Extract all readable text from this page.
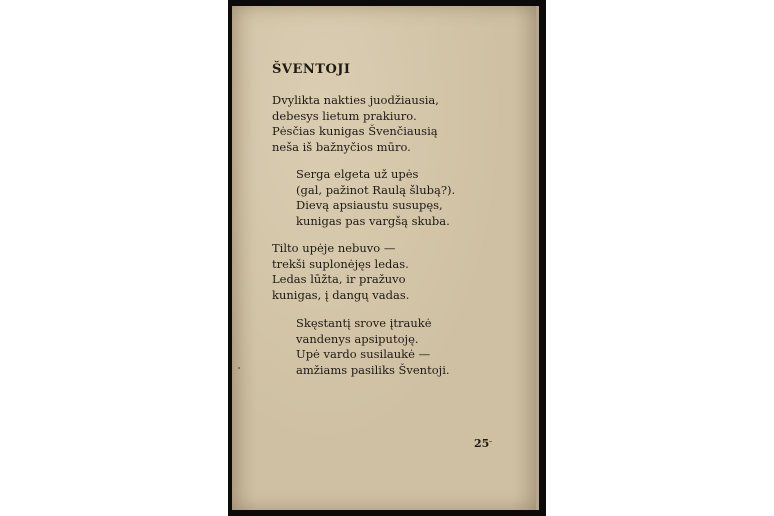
ŠVENTOJI

Dvylikta nakties juodžiausia,
debesys lietum prakiuro.
Pėsčias kunigas Švenčiausią
neša iš bažnyčios mūro.

Serga elgeta už upės
(gal, pažinot Raulą šlubą?).
Dievą apsiaustu susupęs,
kunigas pas vargšą skuba.

Tilto upėje nebuvo —
trekši suplonėjęs ledas.
Ledas lūžta, ir pražuvo
kunigas, į dangų vadas.

Skęstantį srove įtraukė
vandenys apsiputoję.
Upė vardo susilaukė —
amžiams pasiliks Šventoji.

25
